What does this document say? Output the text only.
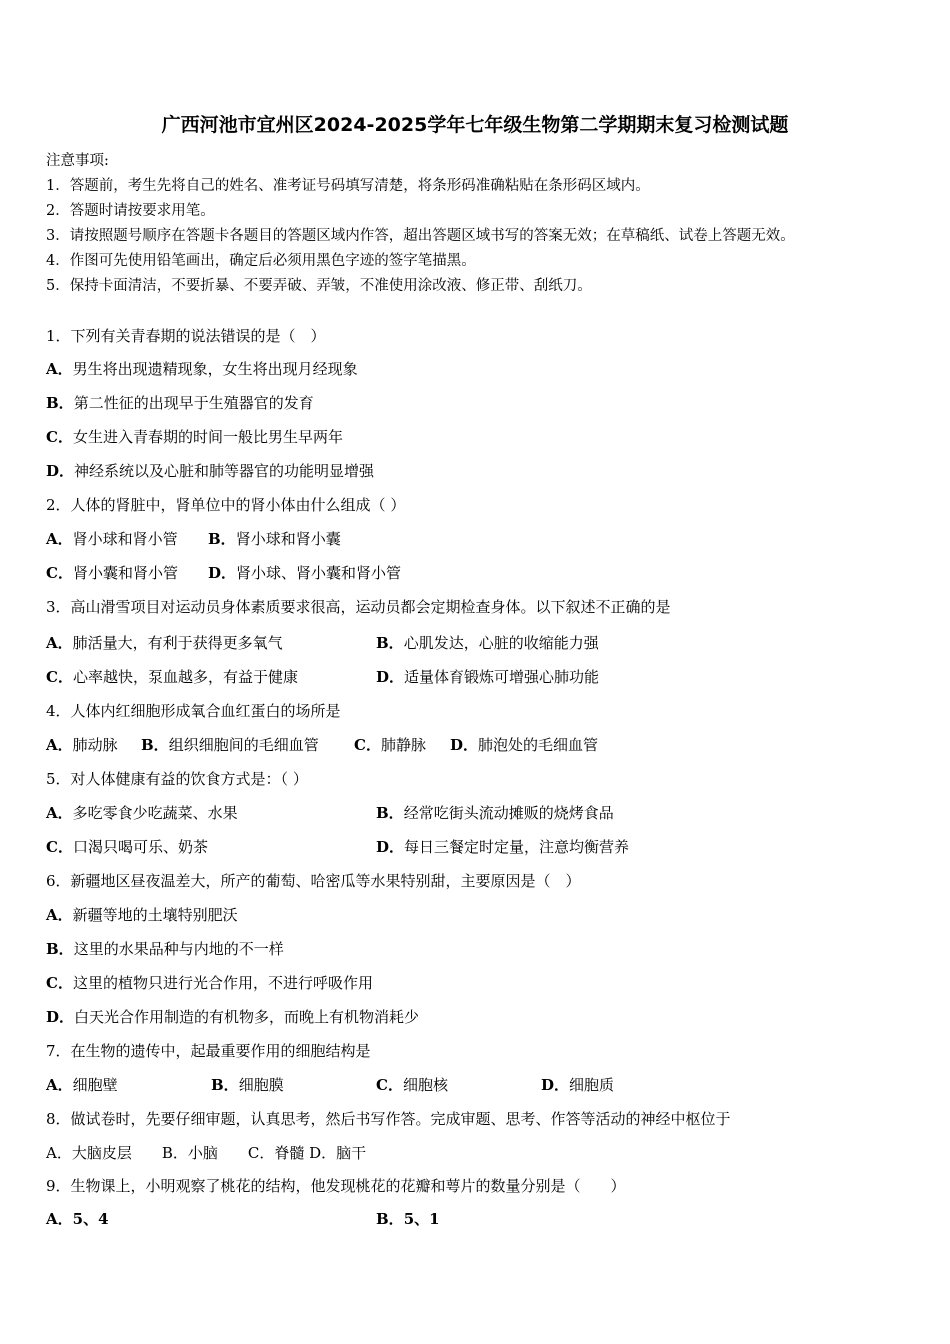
广西河池市宜州区2024-2025学年七年级生物第二学期期末复习检测试题
注意事项:
1．答题前，考生先将自己的姓名、准考证号码填写清楚，将条形码准确粘贴在条形码区域内。
2．答题时请按要求用笔。
3．请按照题号顺序在答题卡各题目的答题区域内作答，超出答题区域书写的答案无效；在草稿纸、试卷上答题无效。
4．作图可先使用铅笔画出，确定后必须用黑色字迹的签字笔描黑。
5．保持卡面清洁，不要折暴、不要弄破、弄皱，不准使用涂改液、修正带、刮纸刀。
1．下列有关青春期的说法错误的是（　）
A．男生将出现遗精现象，女生将出现月经现象
B．第二性征的出现早于生殖器官的发育
C．女生进入青春期的时间一般比男生早两年
D．神经系统以及心脏和肺等器官的功能明显增强
2．人体的肾脏中，肾单位中的肾小体由什么组成（ ）
A．肾小球和肾小管 B．肾小球和肾小囊
C．肾小囊和肾小管 D．肾小球、肾小囊和肾小管
3．高山滑雪项目对运动员身体素质要求很高，运动员都会定期检查身体。以下叙述不正确的是
A．肺活量大，有利于获得更多氧气	B．心肌发达，心脏的收缩能力强
C．心率越快，泵血越多，有益于健康	D．适量体育锻炼可增强心肺功能
4．人体内红细胞形成氧合血红蛋白的场所是
A．肺动脉 B．组织细胞间的毛细血管 C．肺静脉 D．肺泡处的毛细血管
5．对人体健康有益的饮食方式是：（ ）
A．多吃零食少吃蔬菜、水果	B．经常吃街头流动摊贩的烧烤食品
C．口渴只喝可乐、奶茶	D．每日三餐定时定量，注意均衡营养
6．新疆地区昼夜温差大，所产的葡萄、哈密瓜等水果特别甜，主要原因是（　）
A．新疆等地的土壤特别肥沃
B．这里的水果品种与内地的不一样
C．这里的植物只进行光合作用，不进行呼吸作用
D．白天光合作用制造的有机物多，而晚上有机物消耗少
7．在生物的遗传中，起最重要作用的细胞结构是
A．细胞壁	B．细胞膜	C．细胞核	D．细胞质
8．做试卷时，先要仔细审题，认真思考，然后书写作答。完成审题、思考、作答等活动的神经中枢位于
A．大脑皮层　　B．小脑　　C．脊髓 D．脑干
9．生物课上，小明观察了桃花的结构，他发现桃花的花瓣和萼片的数量分别是（　　）
A．5、4	B．5、1
